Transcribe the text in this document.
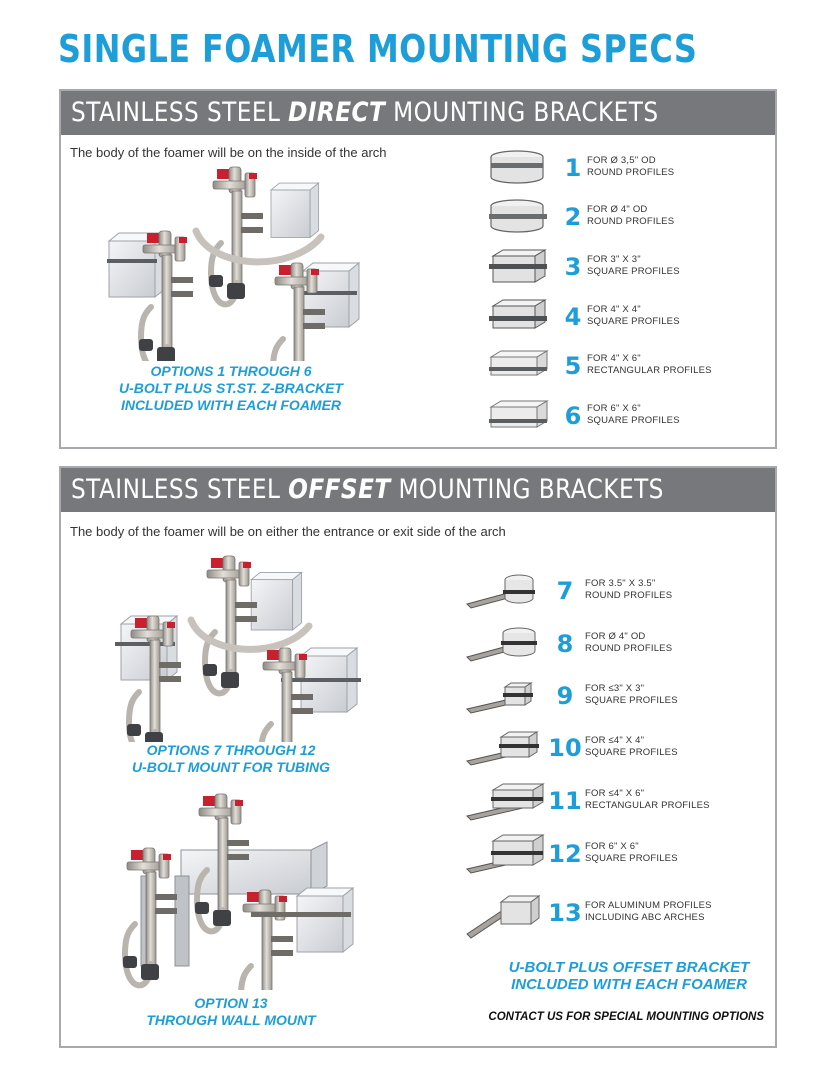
SINGLE FOAMER MOUNTING SPECS
STAINLESS STEEL DIRECT MOUNTING BRACKETS
The body of the foamer will be on the inside of the arch
OPTIONS 1 THROUGH 6
U-BOLT PLUS ST.ST. Z-BRACKET
INCLUDED WITH EACH FOAMER
1 FOR Ø 3,5" OD
ROUND PROFILES
2 FOR Ø 4" OD
ROUND PROFILES
3 FOR 3" X 3"
SQUARE PROFILES
4 FOR 4" X 4"
SQUARE PROFILES
5 FOR 4" X 6"
RECTANGULAR PROFILES
6 FOR 6" X 6"
SQUARE PROFILES
STAINLESS STEEL OFFSET MOUNTING BRACKETS
The body of the foamer will be on either the entrance or exit side of the arch
OPTIONS 7 THROUGH 12
U-BOLT MOUNT FOR TUBING
OPTION 13
THROUGH WALL MOUNT
7	FOR 3.5" X 3.5"
ROUND PROFILES
8	FOR Ø 4" OD
ROUND PROFILES
9	FOR ≤3" X 3"
SQUARE PROFILES
10 FOR ≤4" X 4"
SQUARE PROFILES
11 FOR ≤4" X 6"
RECTANGULAR PROFILES
12 FOR 6" X 6"
SQUARE PROFILES
13 FOR ALUMINUM PROFILES
INCLUDING ABC ARCHES
U-BOLT PLUS OFFSET BRACKET
INCLUDED WITH EACH FOAMER
CONTACT US FOR SPECIAL MOUNTING OPTIONS
